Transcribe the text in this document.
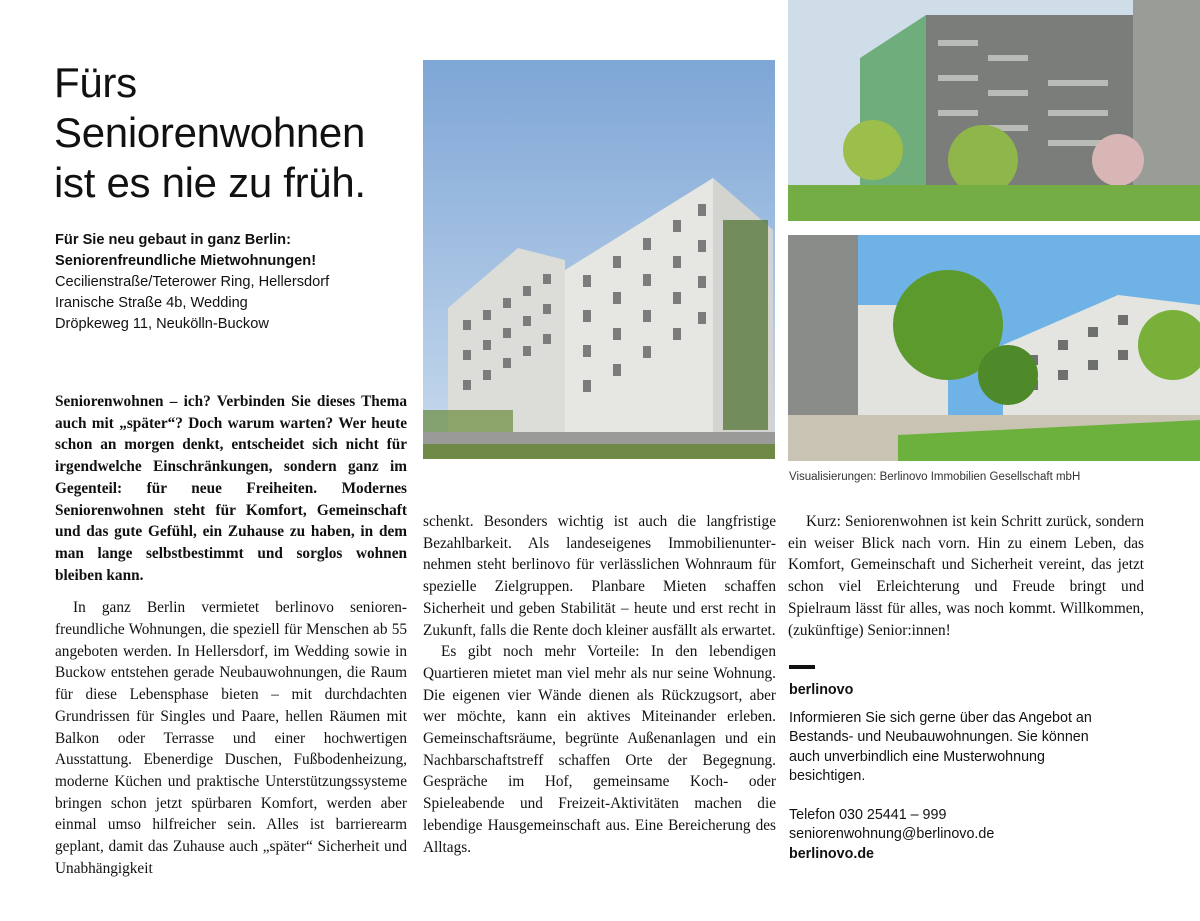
Fürs
Seniorenwohnen
ist es nie zu früh.
Für Sie neu gebaut in ganz Berlin:
Seniorenfreundliche Mietwohnungen!
Cecilienstraße/Teterower Ring, Hellersdorf
Iranische Straße 4b, Wedding
Dröpkeweg 11, Neukölln-Buckow
Visualisierungen: Berlinovo Immobilien Gesellschaft mbH

Seniorenwohnen – ich? Verbinden Sie dieses Thema auch mit „später“? Doch warum warten? Wer heute schon an morgen denkt, entscheidet sich nicht für irgendwelche Einschränkungen, sondern ganz im Gegenteil: für neue Freiheiten. Modernes Seniorenwohnen steht für Komfort, Gemeinschaft und das gute Gefühl, ein Zuhause zu haben, in dem man lange selbstbestimmt und sorglos wohnen bleiben kann.

In ganz Berlin vermietet berlinovo seniorenfreundliche Wohnungen, die speziell für Menschen ab 55 angeboten werden. In Hellersdorf, im Wedding sowie in Buckow entstehen gerade Neubauwohnungen, die Raum für diese Lebensphase bieten – mit durchdachten Grundrissen für Singles und Paare, hellen Räumen mit Balkon oder Terrasse und einer hochwertigen Ausstattung. Ebenerdige Duschen, Fußbodenheizung, moderne Küchen und praktische Unterstützungssysteme bringen schon jetzt spürbaren Komfort, werden aber einmal umso hilfreicher sein. Alles ist barrierearm geplant, damit das Zuhause auch „später“ Sicherheit und Unabhängigkeit

schenkt. Besonders wichtig ist auch die langfristige Bezahlbarkeit. Als landeseigenes Immobilienunternehmen steht berlinovo für verlässlichen Wohnraum für spezielle Zielgruppen. Planbare Mieten schaffen Sicherheit und geben Stabilität – heute und erst recht in Zukunft, falls die Rente doch kleiner ausfällt als erwartet.

Es gibt noch mehr Vorteile: In den lebendigen Quartieren mietet man viel mehr als nur seine Wohnung. Die eigenen vier Wände dienen als Rückzugsort, aber wer möchte, kann ein aktives Miteinander erleben. Gemeinschaftsräume, begrünte Außenanlagen und ein Nachbarschaftstreff schaffen Orte der Begegnung. Gespräche im Hof, gemeinsame Koch- oder Spieleabende und Freizeit-Aktivitäten machen die lebendige Hausgemeinschaft aus. Eine Bereicherung des Alltags.

Kurz: Seniorenwohnen ist kein Schritt zurück, sondern ein weiser Blick nach vorn. Hin zu einem Leben, das Komfort, Gemeinschaft und Sicherheit vereint, das jetzt schon viel Erleichterung und Freude bringt und Spielraum lässt für alles, was noch kommt. Willkommen, (zukünftige) Senior:innen!

berlinovo
Informieren Sie sich gerne über das Angebot an
Bestands- und Neubauwohnungen. Sie können
auch unverbindlich eine Musterwohnung
besichtigen.
Telefon 030 25441 – 999
seniorenwohnung@berlinovo.de
berlinovo.de
